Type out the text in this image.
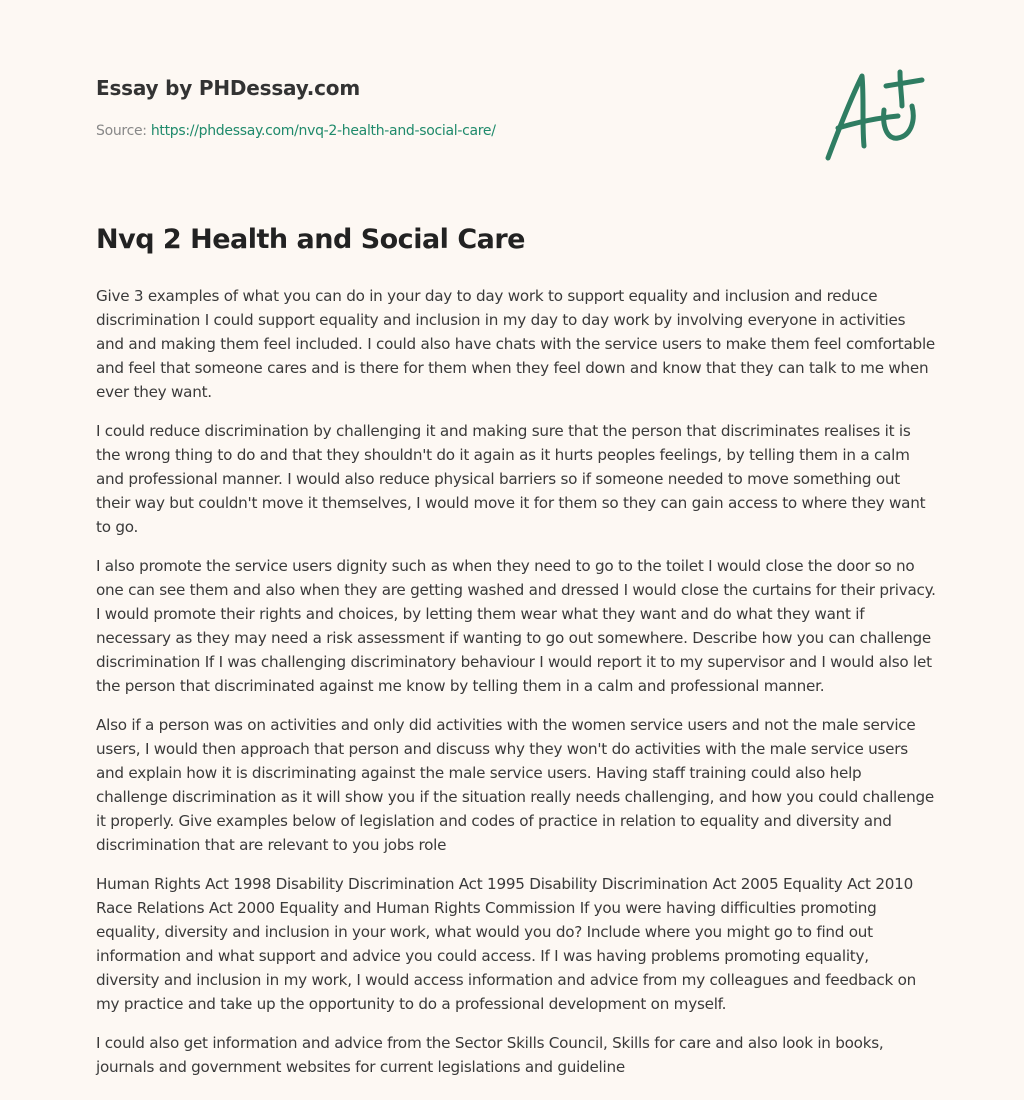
Essay by PHDessay.com
Source: https://phdessay.com/nvq-2-health-and-social-care/
Nvq 2 Health and Social Care

Give 3 examples of what you can do in your day to day work to support equality and inclusion and reduce discrimination I could support equality and inclusion in my day to day work by involving everyone in activities and and making them feel included. I could also have chats with the service users to make them feel comfortable and feel that someone cares and is there for them when they feel down and know that they can talk to me when ever they want.

I could reduce discrimination by challenging it and making sure that the person that discriminates realises it is the wrong thing to do and that they shouldn't do it again as it hurts peoples feelings, by telling them in a calm and professional manner. I would also reduce physical barriers so if someone needed to move something out their way but couldn't move it themselves, I would move it for them so they can gain access to where they want to go.

I also promote the service users dignity such as when they need to go to the toilet I would close the door so no one can see them and also when they are getting washed and dressed I would close the curtains for their privacy. I would promote their rights and choices, by letting them wear what they want and do what they want if necessary as they may need a risk assessment if wanting to go out somewhere. Describe how you can challenge discrimination If I was challenging discriminatory behaviour I would report it to my supervisor and I would also let the person that discriminated against me know by telling them in a calm and professional manner.

Also if a person was on activities and only did activities with the women service users and not the male service users, I would then approach that person and discuss why they won't do activities with the male service users and explain how it is discriminating against the male service users. Having staff training could also help challenge discrimination as it will show you if the situation really needs challenging, and how you could challenge it properly. Give examples below of legislation and codes of practice in relation to equality and diversity and discrimination that are relevant to you jobs role

Human Rights Act 1998 Disability Discrimination Act 1995 Disability Discrimination Act 2005 Equality Act 2010 Race Relations Act 2000 Equality and Human Rights Commission If you were having difficulties promoting equality, diversity and inclusion in your work, what would you do? Include where you might go to find out information and what support and advice you could access. If I was having problems promoting equality, diversity and inclusion in my work, I would access information and advice from my colleagues and feedback on my practice and take up the opportunity to do a professional development on myself.

I could also get information and advice from the Sector Skills Council, Skills for care and also look in books, journals and government websites for current legislations and guideline
